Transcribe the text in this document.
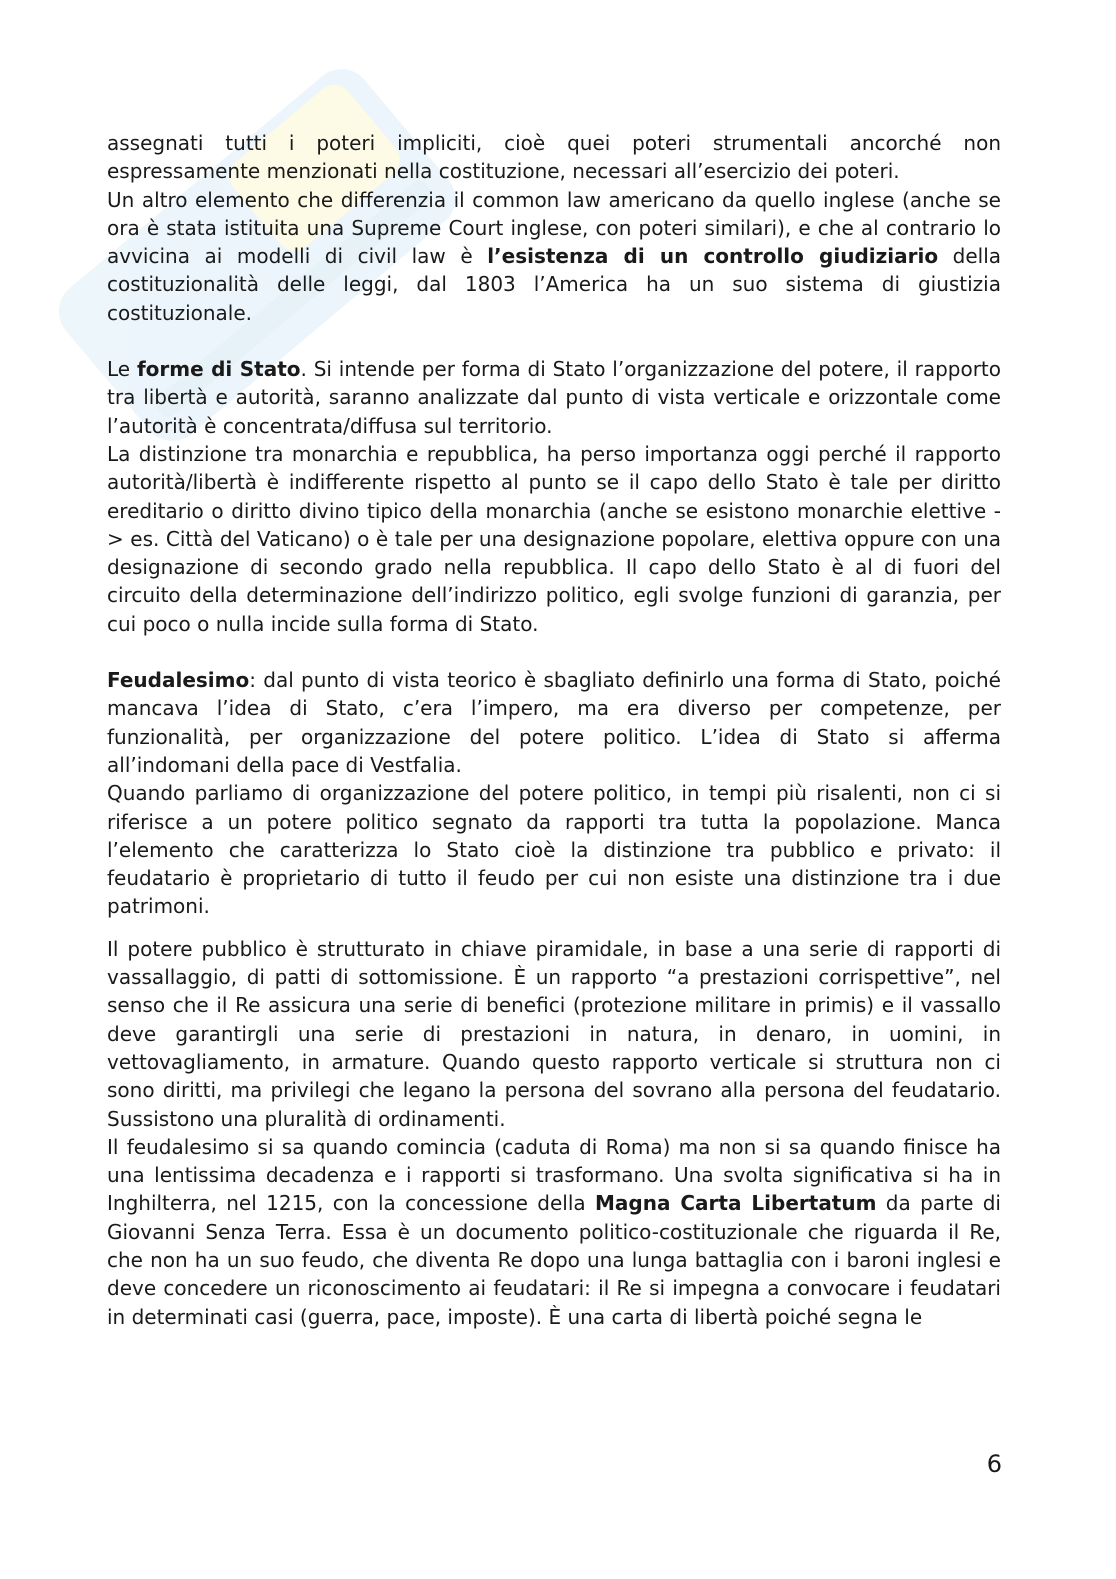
assegnati tutti i poteri impliciti, cioè quei poteri strumentali ancorché non espressamente menzionati nella costituzione, necessari all’esercizio dei poteri.

Un altro elemento che differenzia il common law americano da quello inglese (anche se ora è stata istituita una Supreme Court inglese, con poteri similari), e che al contrario lo avvicina ai modelli di civil law è l’esistenza di un controllo giudiziario della costituzionalità delle leggi, dal 1803 l’America ha un suo sistema di giustizia costituzionale.

Le forme di Stato. Si intende per forma di Stato l’organizzazione del potere, il rapporto tra libertà e autorità, saranno analizzate dal punto di vista verticale e orizzontale come l’autorità è concentrata/diffusa sul territorio.

La distinzione tra monarchia e repubblica, ha perso importanza oggi perché il rapporto autorità/libertà è indifferente rispetto al punto se il capo dello Stato è tale per diritto ereditario o diritto divino tipico della monarchia (anche se esistono monarchie elettive -> es. Città del Vaticano) o è tale per una designazione popolare, elettiva oppure con una designazione di secondo grado nella repubblica. Il capo dello Stato è al di fuori del circuito della determinazione dell’indirizzo politico, egli svolge funzioni di garanzia, per cui poco o nulla incide sulla forma di Stato.

Feudalesimo: dal punto di vista teorico è sbagliato definirlo una forma di Stato, poiché mancava l’idea di Stato, c’era l’impero, ma era diverso per competenze, per funzionalità, per organizzazione del potere politico. L’idea di Stato si afferma all’indomani della pace di Vestfalia.

Quando parliamo di organizzazione del potere politico, in tempi più risalenti, non ci si riferisce a un potere politico segnato da rapporti tra tutta la popolazione. Manca l’elemento che caratterizza lo Stato cioè la distinzione tra pubblico e privato: il feudatario è proprietario di tutto il feudo per cui non esiste una distinzione tra i due patrimoni.

Il potere pubblico è strutturato in chiave piramidale, in base a una serie di rapporti di vassallaggio, di patti di sottomissione. È un rapporto “a prestazioni corrispettive”, nel senso che il Re assicura una serie di benefici (protezione militare in primis) e il vassallo deve garantirgli una serie di prestazioni in natura, in denaro, in uomini, in vettovagliamento, in armature. Quando questo rapporto verticale si struttura non ci sono diritti, ma privilegi che legano la persona del sovrano alla persona del feudatario. Sussistono una pluralità di ordinamenti.

Il feudalesimo si sa quando comincia (caduta di Roma) ma non si sa quando finisce ha una lentissima decadenza e i rapporti si trasformano. Una svolta significativa si ha in Inghilterra, nel 1215, con la concessione della Magna Carta Libertatum da parte di Giovanni Senza Terra. Essa è un documento politico-costituzionale che riguarda il Re, che non ha un suo feudo, che diventa Re dopo una lunga battaglia con i baroni inglesi e deve concedere un riconoscimento ai feudatari: il Re si impegna a convocare i feudatari in determinati casi (guerra, pace, imposte). È una carta di libertà poiché segna le

6
